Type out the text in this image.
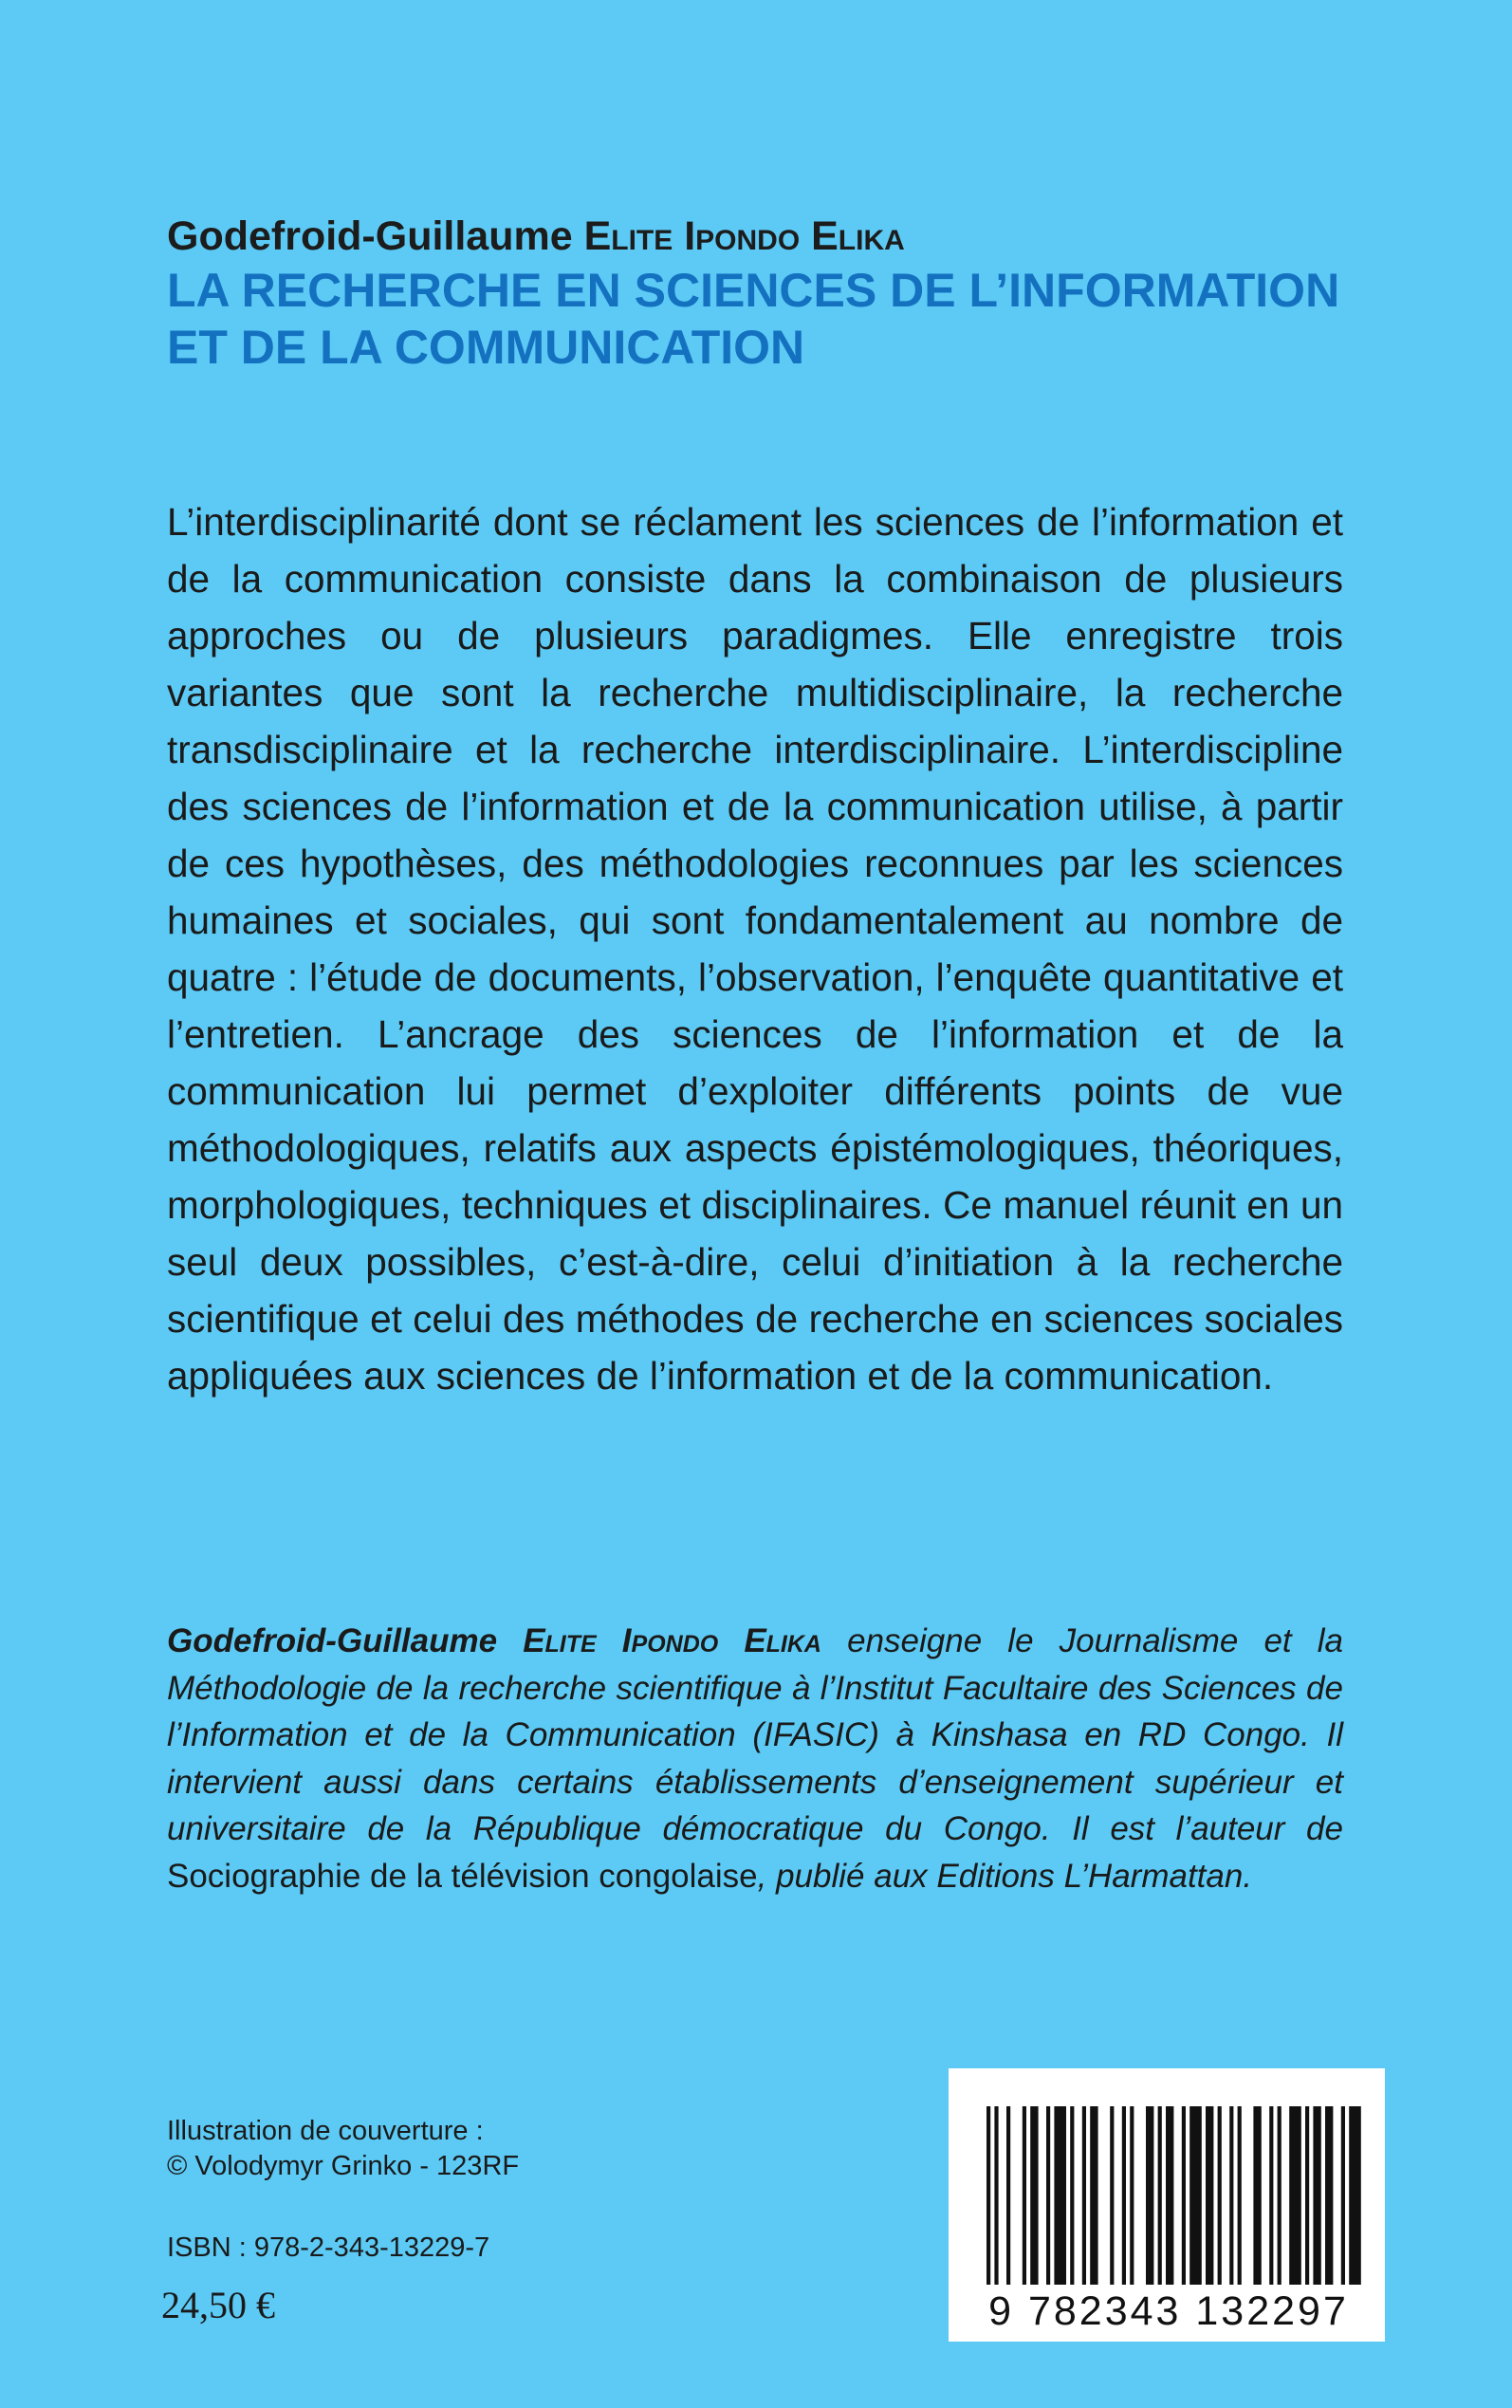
Godefroid-Guillaume Elite Ipondo Elika
LA RECHERCHE EN SCIENCES DE L’INFORMATION
ET DE LA COMMUNICATION
L’interdisciplinarité dont se réclament les sciences de l’information et de la communication consiste dans la combinaison de plusieurs approches ou de plusieurs paradigmes. Elle enregistre trois variantes que sont la recherche multidisciplinaire, la recherche transdisciplinaire et la recherche interdisciplinaire. L’interdiscipline des sciences de l’information et de la communication utilise, à partir de ces hypothèses, des méthodologies reconnues par les sciences humaines et sociales, qui sont fondamentalement au nombre de quatre : l’étude de documents, l’observation, l’enquête quantitative et l’entretien. L’ancrage des sciences de l’information et de la communication lui permet d’exploiter différents points de vue méthodologiques, relatifs aux aspects épistémologiques, théoriques, morphologiques, techniques et disciplinaires. Ce manuel réunit en un seul deux possibles, c’est-à-dire, celui d’initiation à la recherche scientifique et celui des méthodes de recherche en sciences sociales appliquées aux sciences de l’information et de la communication.
Godefroid-Guillaume Elite Ipondo Elika enseigne le Journalisme et la Méthodologie de la recherche scientifique à l’Institut Facultaire des Sciences de l’Information et de la Communication (IFASIC) à Kinshasa en RD Congo. Il intervient aussi dans certains établissements d’enseignement supérieur et universitaire de la République démocratique du Congo. Il est l’auteur de Sociographie de la télévision congolaise, publié aux Editions L’Harmattan.
Illustration de couverture :
© Volodymyr Grinko - 123RF
ISBN : 978-2-343-13229-7
24,50 €	9 782343 132297
